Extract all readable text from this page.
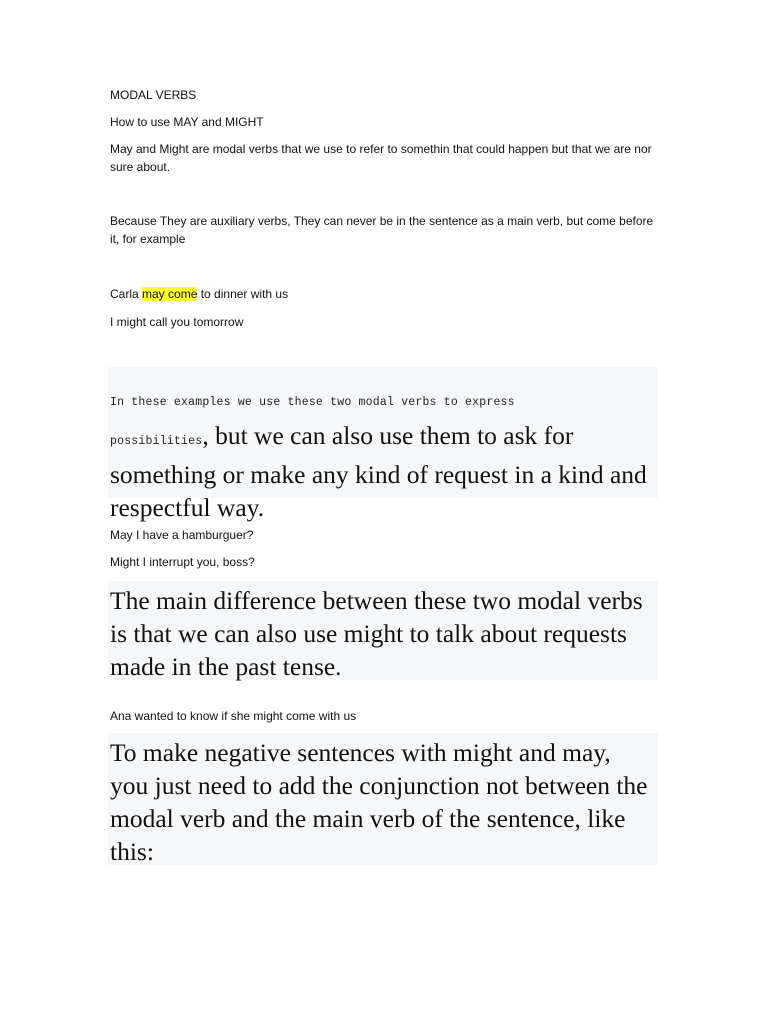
MODAL VERBS
How to use MAY and MIGHT
May and Might are modal verbs that we use to refer to somethin that could happen but that we are nor sure about.
Because They are auxiliary verbs, They can never be in the sentence as a main verb, but come before it, for example
Carla may come to dinner with us
I might call you tomorrow
In these examples we use these two modal verbs to express
possibilities, but we can also use them to ask for something or make any kind of request in a kind and respectful way.
May I have a hamburguer?
Might I interrupt you, boss?
The main difference between these two modal verbs is that we can also use might to talk about requests made in the past tense.
Ana wanted to know if she might come with us
To make negative sentences with might and may, you just need to add the conjunction not between the modal verb and the main verb of the sentence, like this:
